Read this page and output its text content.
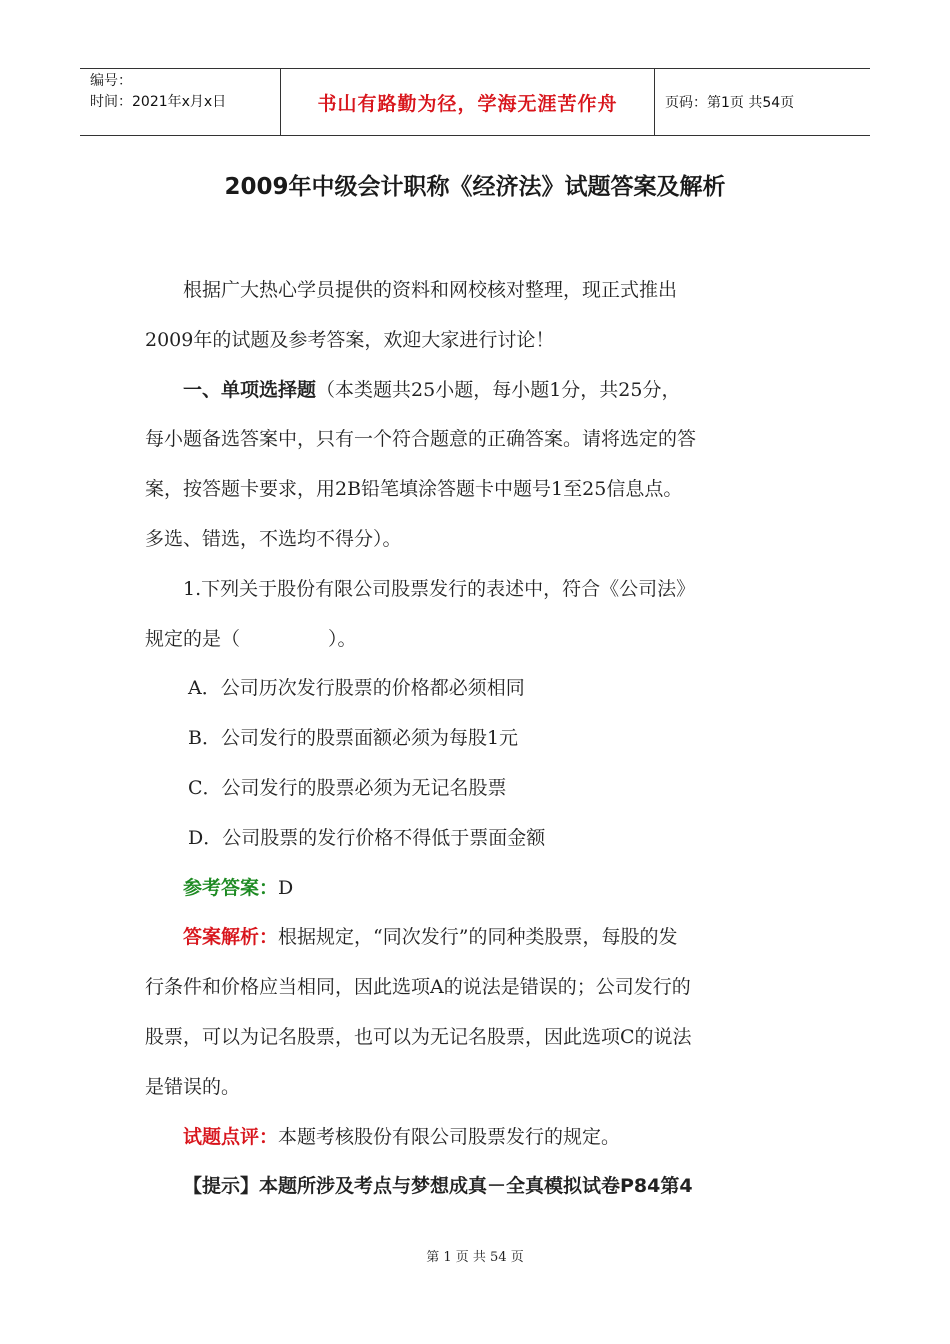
编号：
时间：2021年x月x日	书山有路勤为径，学海无涯苦作舟	页码：第1页 共54页
2009年中级会计职称《经济法》试题答案及解析

根据广大热心学员提供的资料和网校核对整理，现正式推出

2009年的试题及参考答案，欢迎大家进行讨论！

一、单项选择题（本类题共25小题，每小题1分，共25分，

每小题备选答案中，只有一个符合题意的正确答案。请将选定的答

案，按答题卡要求，用2B铅笔填涂答题卡中题号1至25信息点。

多选、错选，不选均不得分）。

1.下列关于股份有限公司股票发行的表述中，符合《公司法》

规定的是（	）。

A．公司历次发行股票的价格都必须相同

B．公司发行的股票面额必须为每股1元

C．公司发行的股票必须为无记名股票

D．公司股票的发行价格不得低于票面金额

参考答案：D

答案解析：根据规定，“同次发行”的同种类股票，每股的发

行条件和价格应当相同，因此选项A的说法是错误的；公司发行的

股票，可以为记名股票，也可以为无记名股票，因此选项C的说法

是错误的。

试题点评：本题考核股份有限公司股票发行的规定。

【提示】本题所涉及考点与梦想成真－全真模拟试卷P84第4

第 1 页 共 54 页
